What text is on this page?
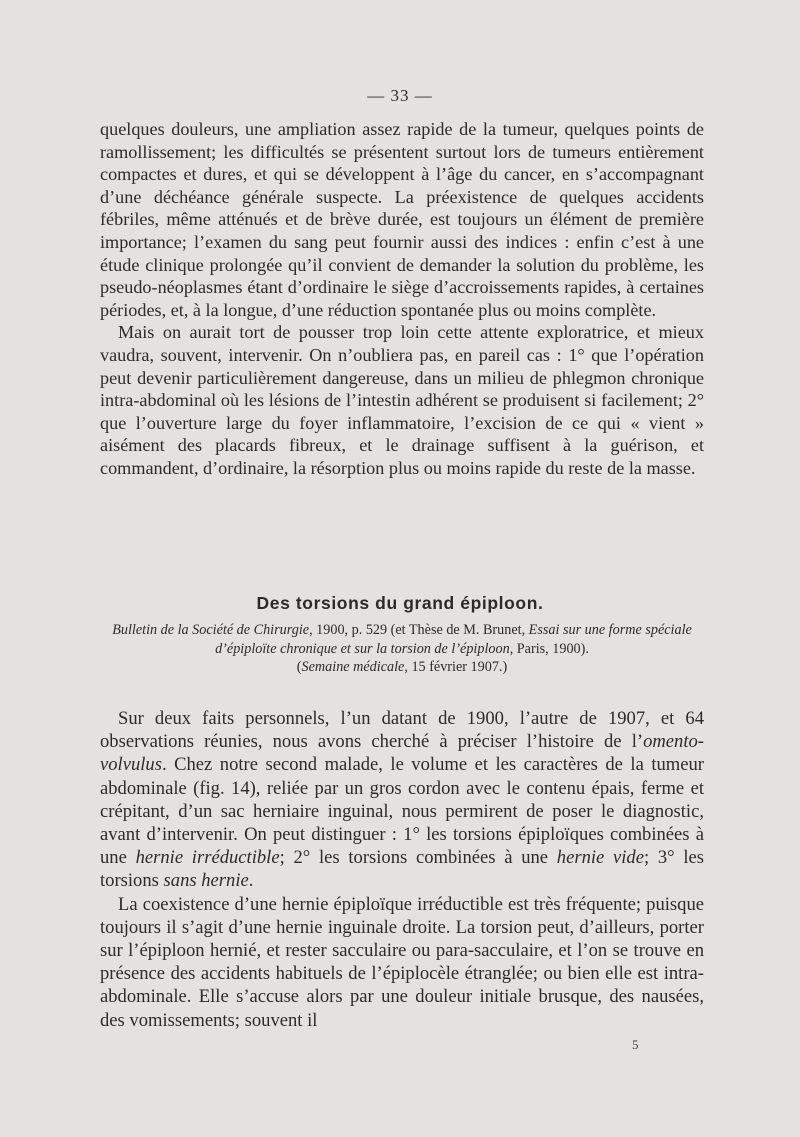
— 33 —

quelques douleurs, une ampliation assez rapide de la tumeur, quelques points de ramollissement; les difficultés se présentent surtout lors de tumeurs entièrement compactes et dures, et qui se développent à l’âge du cancer, en s’accompagnant d’une déchéance générale suspecte. La préexistence de quelques accidents fébriles, même atténués et de brève durée, est toujours un élément de première importance; l’examen du sang peut fournir aussi des indices : enfin c’est à une étude clinique prolongée qu’il convient de demander la solution du problème, les pseudo-néoplasmes étant d’ordinaire le siège d’accroissements rapides, à certaines périodes, et, à la longue, d’une réduction spontanée plus ou moins complète.

Mais on aurait tort de pousser trop loin cette attente exploratrice, et mieux vaudra, souvent, intervenir. On n’oubliera pas, en pareil cas : 1° que l’opération peut devenir particulièrement dangereuse, dans un milieu de phlegmon chronique intra-abdominal où les lésions de l’intestin adhérent se produisent si facilement; 2° que l’ouverture large du foyer inflammatoire, l’excision de ce qui « vient » aisément des placards fibreux, et le drainage suffisent à la guérison, et commandent, d’ordinaire, la résorption plus ou moins rapide du reste de la masse.

Des torsions du grand épiploon.
Bulletin de la Société de Chirurgie, 1900, p. 529 (et Thèse de M. Brunet, Essai sur une forme spéciale d’épiploïte chronique et sur la torsion de l’épiploon, Paris, 1900).
(Semaine médicale, 15 février 1907.)

Sur deux faits personnels, l’un datant de 1900, l’autre de 1907, et 64 observations réunies, nous avons cherché à préciser l’histoire de l’omento-volvulus. Chez notre second malade, le volume et les caractères de la tumeur abdominale (fig. 14), reliée par un gros cordon avec le contenu épais, ferme et crépitant, d’un sac herniaire inguinal, nous permirent de poser le diagnostic, avant d’intervenir. On peut distinguer : 1° les torsions épiploïques combinées à une hernie irréductible; 2° les torsions combinées à une hernie vide; 3° les torsions sans hernie.

La coexistence d’une hernie épiploïque irréductible est très fréquente; puisque toujours il s’agit d’une hernie inguinale droite. La torsion peut, d’ailleurs, porter sur l’épiploon hernié, et rester sacculaire ou para-sacculaire, et l’on se trouve en présence des accidents habituels de l’épiplocèle étranglée; ou bien elle est intra-abdominale. Elle s’accuse alors par une douleur initiale brusque, des nausées, des vomissements; souvent il

5
